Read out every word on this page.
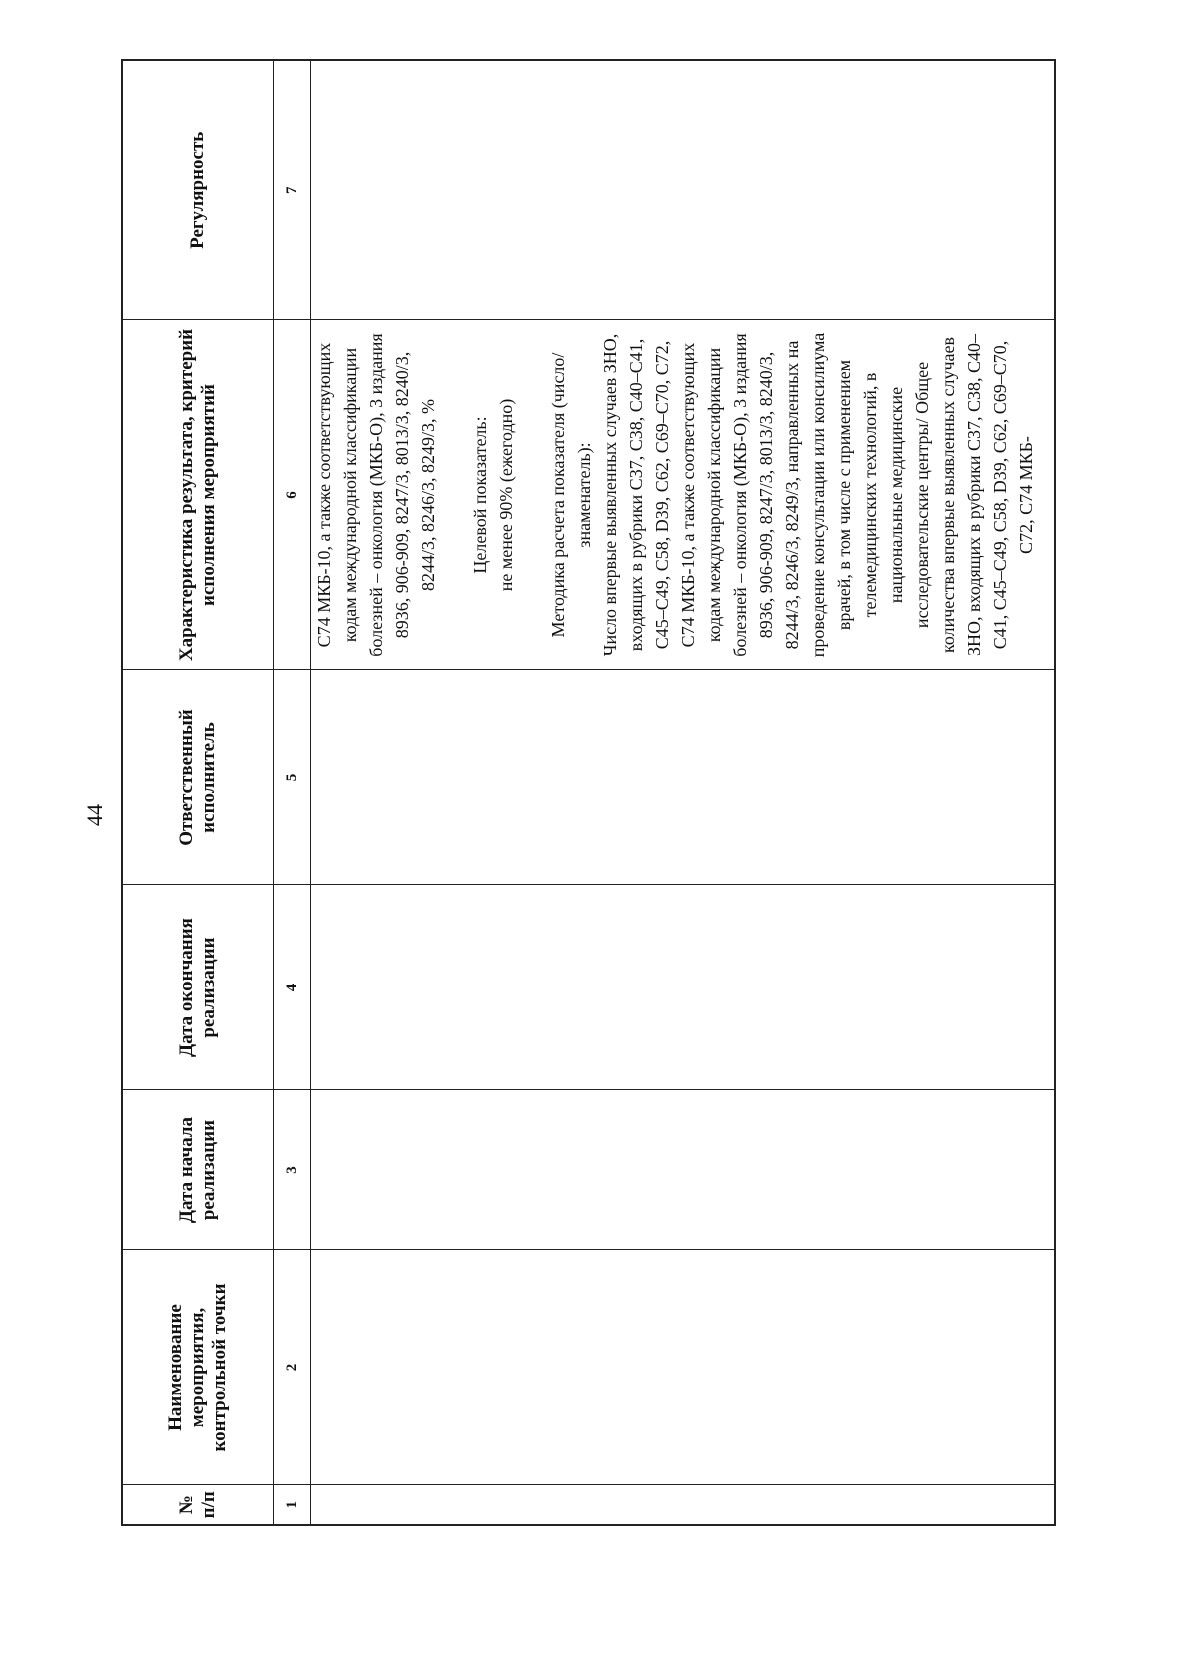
44
№ п/п	Наименование мероприятия, контрольной точки	Дата начала реализации	Дата окончания реализации	Ответственный исполнитель	Характеристика результата, критерий исполнения мероприятий	Регулярность
1	2	3	4	5	6	7

					С74 МКБ-10, а также соответствующих кодам международной классификации болезней – онкология (МКБ-О), 3 издания 8936, 906-909, 8247/3, 8013/3, 8240/3, 8244/3, 8246/3, 8249/3, % Целевой показатель: не менее 90% (ежегодно) Методика расчета показателя (число/знаменатель): Число впервые выявленных случаев ЗНО, входящих в рубрики С37, С38, С40–С41, С45–С49, С58, D39, С62, С69–С70, С72, С74 МКБ-10, а также соответствующих кодам международной классификации болезней – онкология (МКБ-О), 3 издания 8936, 906-909, 8247/3, 8013/3, 8240/3, 8244/3, 8246/3, 8249/3, направленных на проведение консультации или консилиума врачей, в том числе с применением телемедицинских технологий, в национальные медицинские исследовательские центры/ Общее количества впервые выявленных случаев ЗНО, входящих в рубрики С37, С38, С40–С41, С45–С49, С58, D39, С62, С69–С70, С72, С74 МКБ-	
